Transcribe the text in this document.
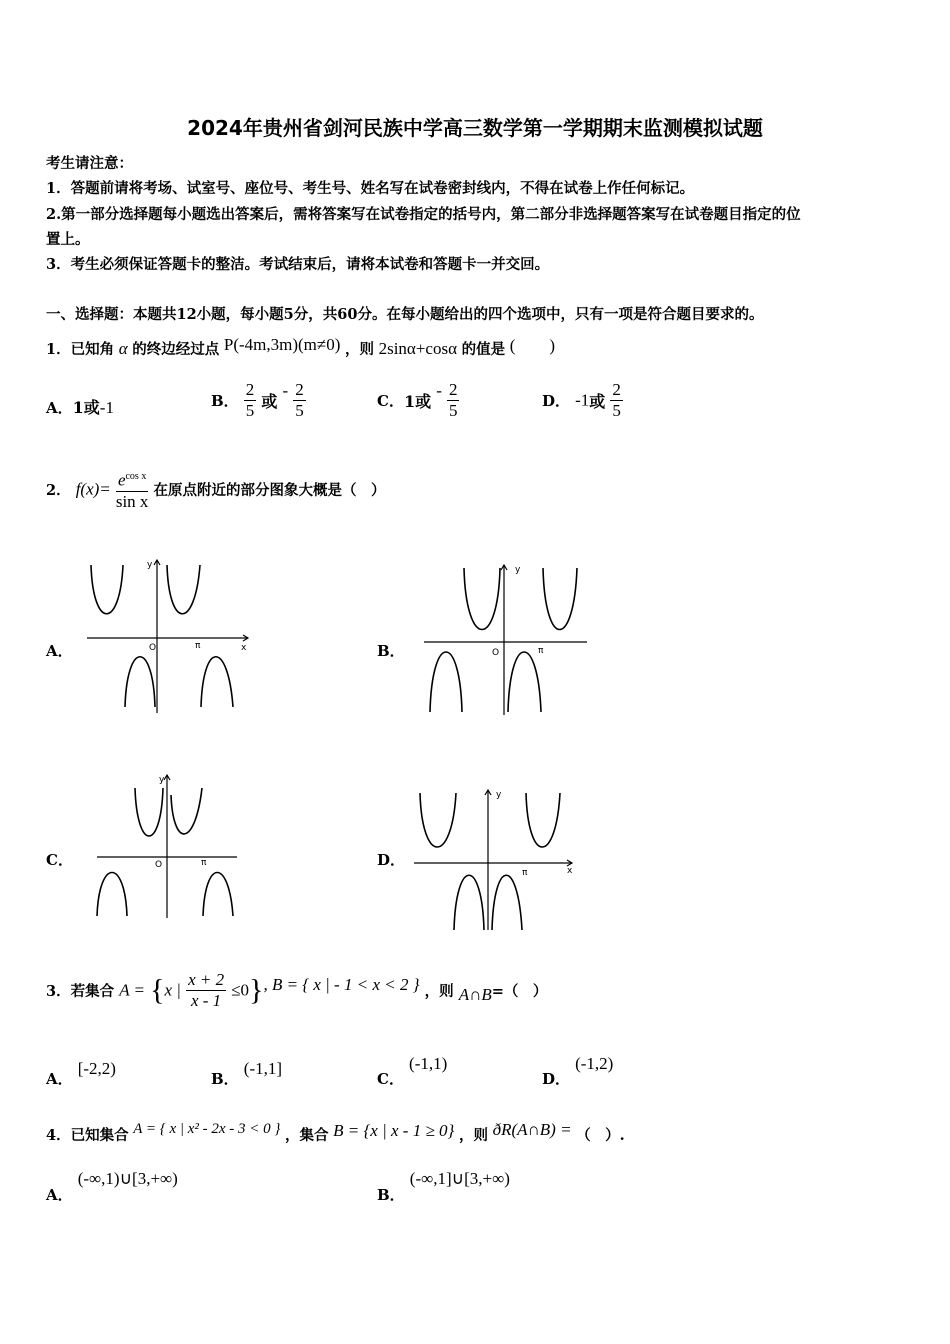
2024年贵州省剑河民族中学高三数学第一学期期末监测模拟试题
考生请注意：
1．答题前请将考场、试室号、座位号、考生号、姓名写在试卷密封线内，不得在试卷上作任何标记。
2.第一部分选择题每小题选出答案后，需将答案写在试卷指定的括号内，第二部分非选择题答案写在试卷题目指定的位
置上。
3．考生必须保证答题卡的整洁。考试结束后，请将本试卷和答题卡一并交回。
一、选择题：本题共12小题，每小题5分，共60分。在每小题给出的四个选项中，只有一项是符合题目要求的。
1．已知角 α 的终边经过点 P(-4m,3m)(m≠0) ，则 2sinα+cosα 的值是 (　　)
A．1或-1	B． $\frac{2}{5}$ 或 - $\frac{2}{5}$	C．1或 - $\frac{2}{5}$	D． -1或 $\frac{2}{5}$
2． $f(x)= \frac{e^{cos x}}{\text{sin x}}$ 在原点附近的部分图象大概是（　）
A．	B．
C．	D．
y
x
O	π
y
O	π
y
O	π
y
x
π
3．若集合 A = {x | $\frac{x + 2}{x - 1} \le 0$}, B = { x | - 1 < x < 2 } ，则 A∩B=（　）
A． [-2,2)
B． (-1,1]
C． (-1,1)
D． (-1,2)
4．已知集合 A = { x | x² - 2x - 3 < 0 } ，集合 B = {x | x - 1 ≥ 0} ，则 ðR(A∩B) = （　）.
A． (-∞,1)∪[3,+∞)
B． (-∞,1]∪[3,+∞)
